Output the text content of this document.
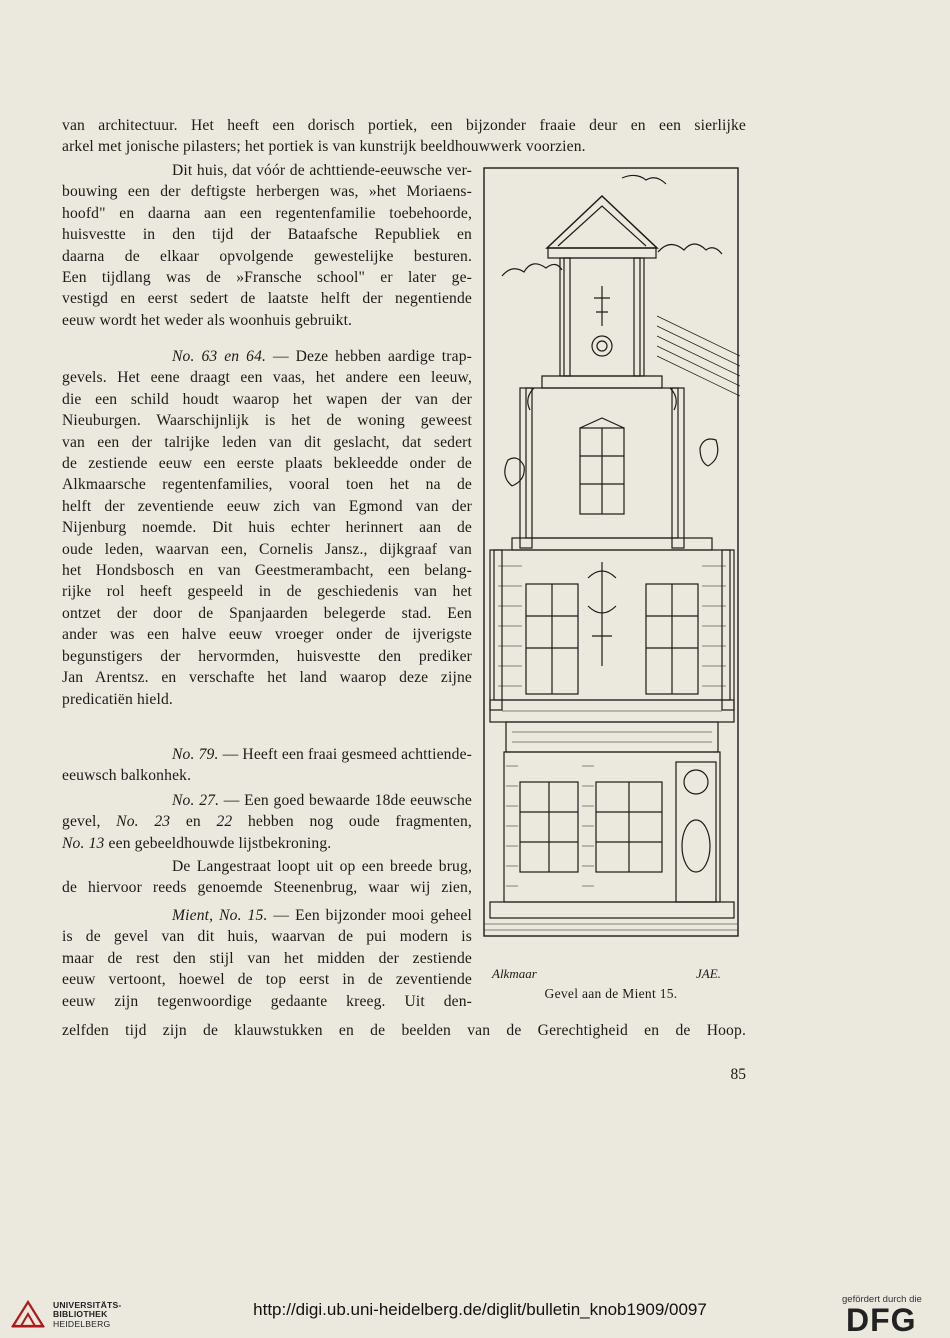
van architectuur. Het heeft een dorisch portiek, een bijzonder fraaie deur en een sierlijke
arkel met jonische pilasters; het portiek is van kunstrijk beeldhouwwerk voorzien.
Dit huis, dat vóór de achttiende-eeuwsche ver-
bouwing een der deftigste herbergen was, »het Moriaens-
hoofd" en daarna aan een regentenfamilie toebehoorde,
huisvestte in den tijd der Bataafsche Republiek en
daarna de elkaar opvolgende gewestelijke besturen.
Een tijdlang was de »Fransche school" er later ge-
vestigd en eerst sedert de laatste helft der negentiende
eeuw wordt het weder als woonhuis gebruikt.
No. 63 en 64. — Deze hebben aardige trap-
gevels. Het eene draagt een vaas, het andere een leeuw,
die een schild houdt waarop het wapen der van der
Nieuburgen. Waarschijnlijk is het de woning geweest
van een der talrijke leden van dit geslacht, dat sedert
de zestiende eeuw een eerste plaats bekleedde onder de
Alkmaarsche regentenfamilies, vooral toen het na de
helft der zeventiende eeuw zich van Egmond van der
Nijenburg noemde. Dit huis echter herinnert aan de
oude leden, waarvan een, Cornelis Jansz., dijkgraaf van
het Hondsbosch en van Geestmerambacht, een belang-
rijke rol heeft gespeeld in de geschiedenis van het
ontzet der door de Spanjaarden belegerde stad. Een
ander was een halve eeuw vroeger onder de ijverigste
begunstigers der hervormden, huisvestte den prediker
Jan Arentsz. en verschafte het land waarop deze zijne
predicatiën hield.
No. 79. — Heeft een fraai gesmeed achttiende-
eeuwsch balkonhek.
No. 27. — Een goed bewaarde 18de eeuwsche
gevel, No. 23 en 22 hebben nog oude fragmenten,
No. 13 een gebeeldhouwde lijstbekroning.
De Langestraat loopt uit op een breede brug,
de hiervoor reeds genoemde Steenenbrug, waar wij zien,
Mient, No. 15. — Een bijzonder mooi geheel
is de gevel van dit huis, waarvan de pui modern is
maar de rest den stijl van het midden der zestiende
eeuw vertoont, hoewel de top eerst in de zeventiende
eeuw zijn tegenwoordige gedaante kreeg. Uit den-
zelfden tijd zijn de klauwstukken en de beelden van de Gerechtigheid en de Hoop.
Alkmaar	JAE.
Gevel aan de Mient 15.
85
UNIVERSITÄTS-
BIBLIOTHEK
HEIDELBERG
http://digi.ub.uni-heidelberg.de/diglit/bulletin_knob1909/0097
gefördert durch die
DFG
